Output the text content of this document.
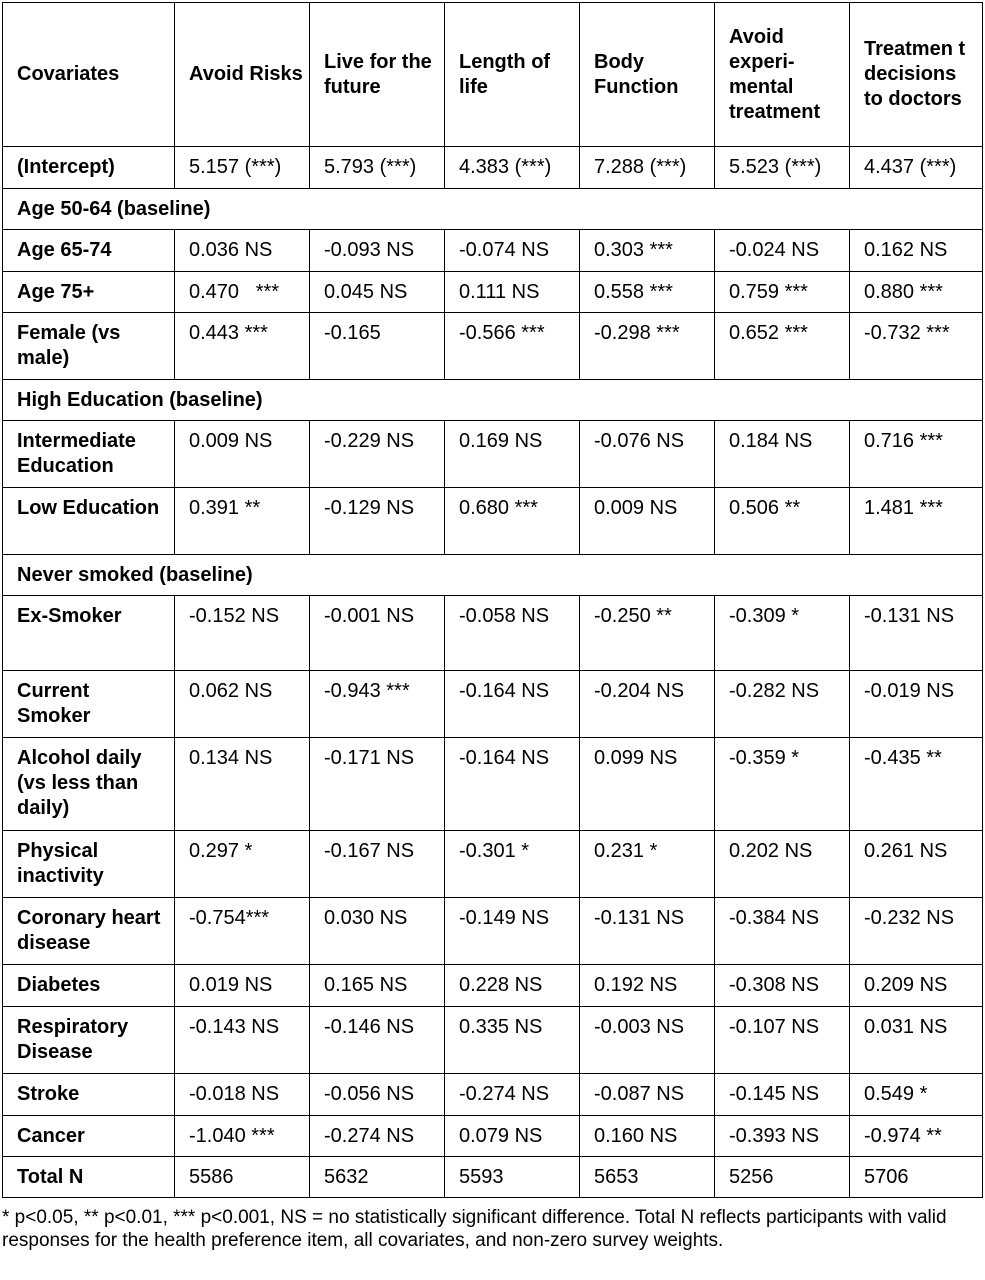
Covariates	Avoid Risks	Live for the future	Length of life	Body Function	Avoid experi-mental treatment	Treatmen t decisions to doctors
(Intercept)	5.157 (***)	5.793 (***)	4.383 (***)	7.288 (***)	5.523 (***)	4.437 (***)
Age 50-64 (baseline)						
Age 65-74	0.036 NS	-0.093 NS	-0.074 NS	0.303 ***	-0.024 NS	0.162 NS
Age 75+	0.470   ***	0.045 NS	0.111 NS	0.558 ***	0.759 ***	0.880 ***
Female (vs male)	0.443 ***	-0.165	-0.566 ***	-0.298 ***	0.652 ***	-0.732 ***
High Education (baseline)						
Intermediate Education	0.009 NS	-0.229 NS	0.169 NS	-0.076 NS	0.184 NS	0.716 ***
Low Education	0.391 **	-0.129 NS	0.680 ***	0.009 NS	0.506 **	1.481 ***
Never smoked (baseline)						
Ex-Smoker	-0.152 NS	-0.001 NS	-0.058 NS	-0.250 **	-0.309 *	-0.131 NS
Current Smoker	0.062 NS	-0.943 ***	-0.164 NS	-0.204 NS	-0.282 NS	-0.019 NS
Alcohol daily (vs less than daily)	0.134 NS	-0.171 NS	-0.164 NS	0.099 NS	-0.359 *	-0.435 **
Physical inactivity	0.297 *	-0.167 NS	-0.301 *	0.231 *	0.202 NS	0.261 NS
Coronary heart disease	-0.754***	0.030 NS	-0.149 NS	-0.131 NS	-0.384 NS	-0.232 NS
Diabetes	0.019 NS	0.165 NS	0.228 NS	0.192 NS	-0.308 NS	0.209 NS
Respiratory Disease	-0.143 NS	-0.146 NS	0.335 NS	-0.003 NS	-0.107 NS	0.031 NS
Stroke	-0.018 NS	-0.056 NS	-0.274 NS	-0.087 NS	-0.145 NS	0.549 *
Cancer	-1.040 ***	-0.274 NS	0.079 NS	0.160 NS	-0.393 NS	-0.974 **
Total N	5586	5632	5593	5653	5256	5706
* p<0.05, ** p<0.01, *** p<0.001, NS = no statistically significant difference. Total N reflects participants with valid responses for the health preference item, all covariates, and non-zero survey weights.
